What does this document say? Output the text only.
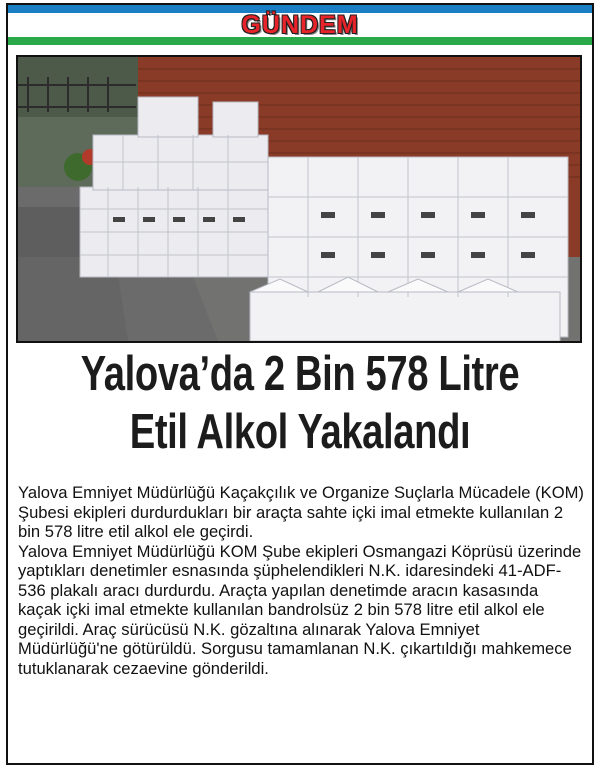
GÜNDEM
Yalova’da 2 Bin 578 Litre
Etil Alkol Yakalandı

Yalova Emniyet Müdürlüğü Kaçakçılık ve Organize Suçlarla Mücadele (KOM) Şubesi ekipleri durdurdukları bir araçta sahte içki imal etmekte kullanılan 2 bin 578 litre etil alkol ele geçirdi.

Yalova Emniyet Müdürlüğü KOM Şube ekipleri Osmangazi Köprüsü üzerinde yaptıkları denetimler esnasında şüphelendikleri N.K. idaresindeki 41-ADF-536 plakalı aracı durdurdu. Araçta yapılan denetimde aracın kasasında kaçak içki imal etmekte kullanılan bandrolsüz 2 bin 578 litre etil alkol ele geçirildi. Araç sürücüsü N.K. gözaltına alınarak Yalova Emniyet Müdürlüğü'ne götürüldü. Sorgusu tamamlanan N.K. çıkartıldığı mahkemece tutuklanarak cezaevine gönderildi.
